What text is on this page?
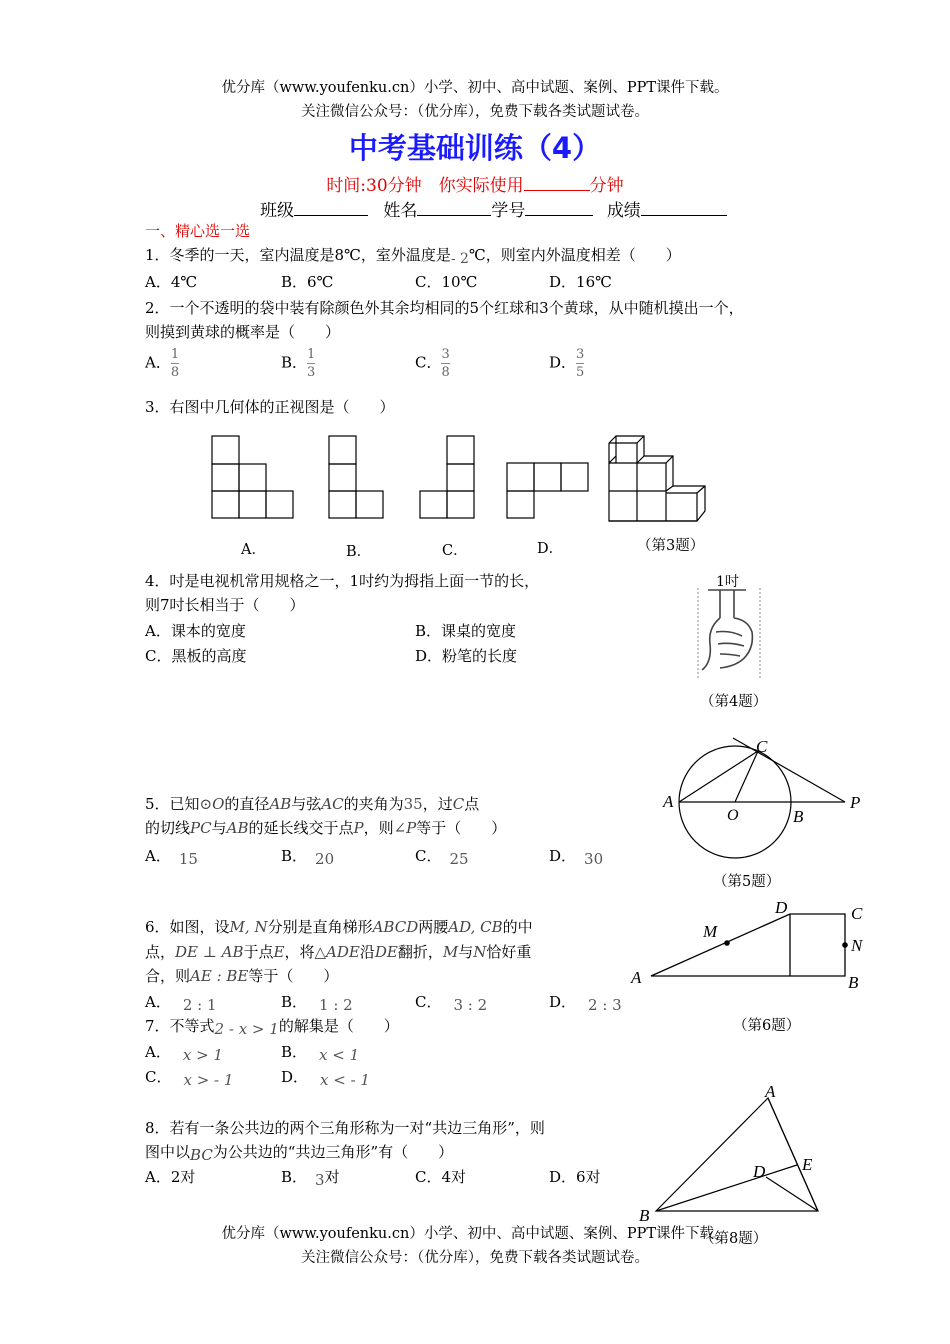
优分库（www.youfenku.cn）小学、初中、高中试题、案例、PPT课件下载。
关注微信公众号：（优分库），免费下载各类试题试卷。
中考基础训练（4）
时间:30分钟　你实际使用	分钟
班级	姓名	学号	成绩
一、精心选一选
1．冬季的一天，室内温度是8℃，室外温度是- 2℃，则室内外温度相差（　　）
A．4℃	B．6℃	C．10℃	D．16℃
2．一个不透明的袋中装有除颜色外其余均相同的5个红球和3个黄球，从中随机摸出一个，
则摸到黄球的概率是（　　）
A． $\frac{1}{8}$	B． $\frac{1}{3}$	C． $\frac{3}{8}$	D． $\frac{3}{5}$
3．右图中几何体的正视图是（　　）
A．	B．	C．	D．	（第3题）
4．吋是电视机常用规格之一，1吋约为拇指上面一节的长，
则7吋长相当于（　　）
A．课本的宽度	B．课桌的宽度
C．黑板的高度	D．粉笔的长度
1吋
（第4题）
5．已知⊙O的直径AB与弦AC的夹角为35，过C点
的切线PC与AB的延长线交于点P，则∠P等于（　　）
A． 15	B． 20	C． 25	D． 30
C
A
O	B
P
（第5题）
6．如图，设M, N分别是直角梯形ABCD两腰AD, CB的中
点，DE ⊥ AB于点E，将△ADE沿DE翻折，M与N恰好重
合，则AE : BE等于（　　）
A． 2 : 1	B． 1 : 2	C． 3 : 2	D． 2 : 3
M
D	C
N
A	B
（第6题）
7．不等式2 - x > 1的解集是（　　）
A． x > 1	B． x < 1
C． x > - 1	D． x < - 1
8．若有一条公共边的两个三角形称为一对“共边三角形”，则
图中以BC为公共边的“共边三角形”有（　　）
A．2对	B． 3对	C．4对	D．6对
A
E
D
B
（第8题）
优分库（www.youfenku.cn）小学、初中、高中试题、案例、PPT课件下载。
关注微信公众号：（优分库），免费下载各类试题试卷。
